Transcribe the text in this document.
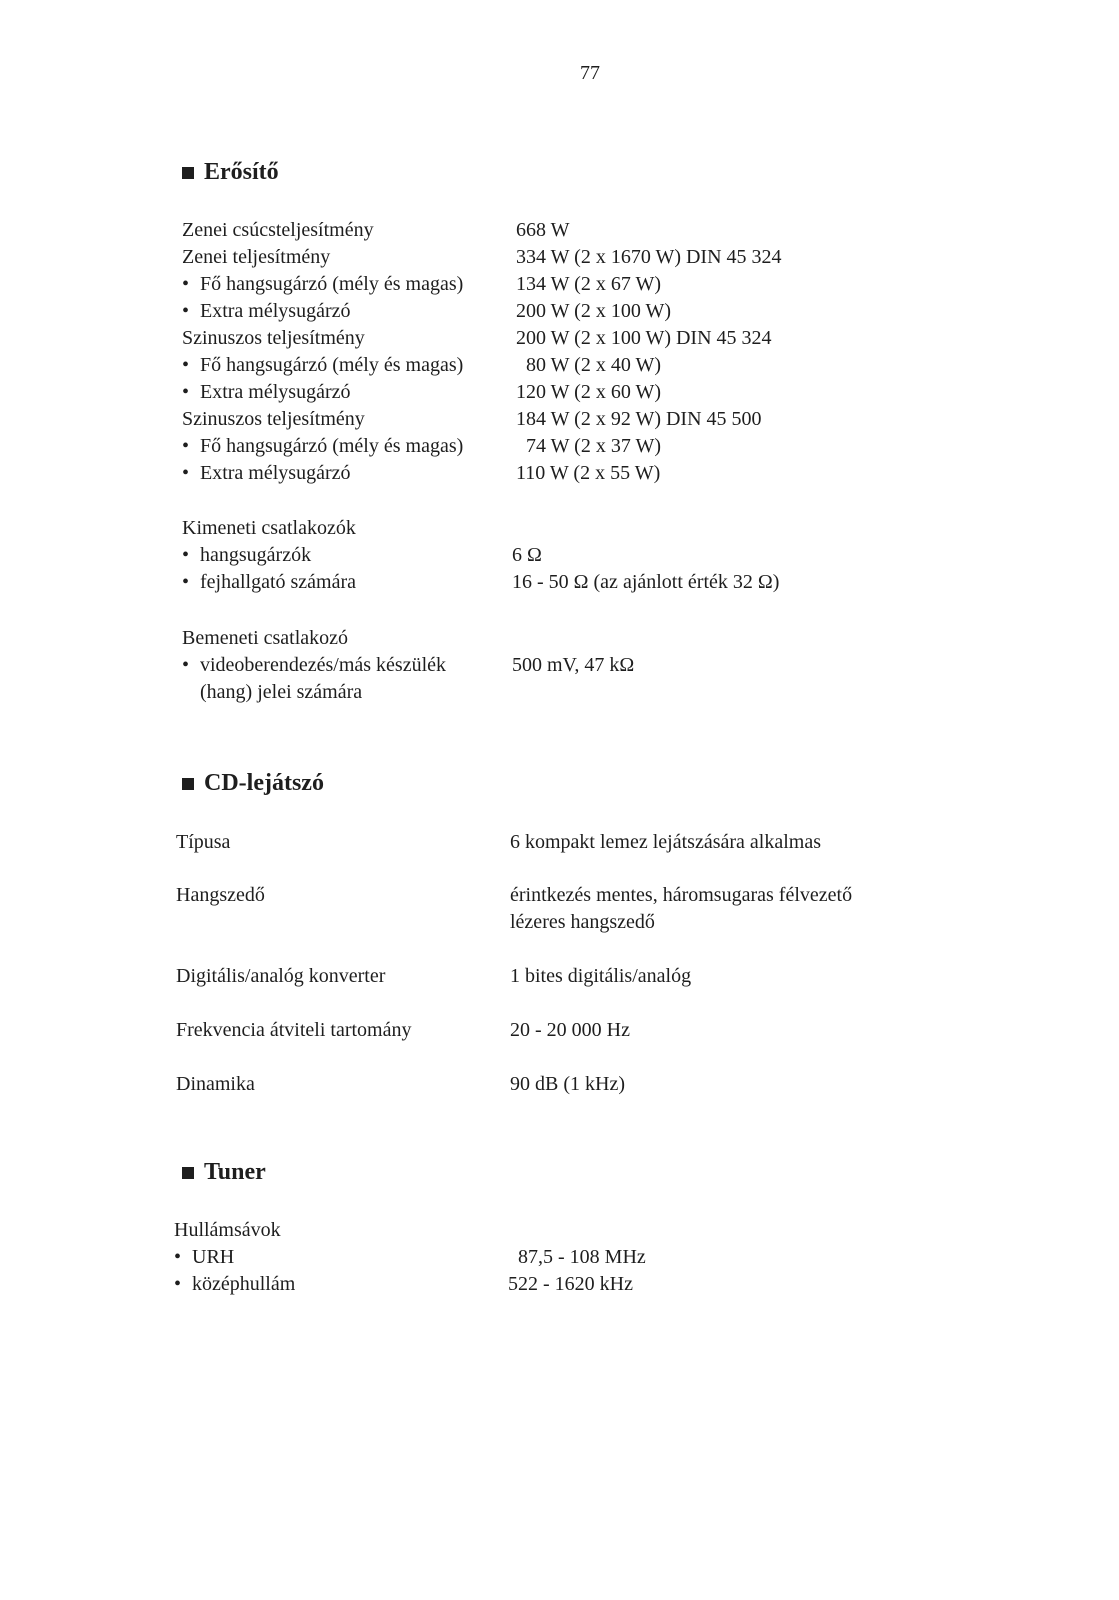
77
Erősítő
Zenei csúcsteljesítmény	668 W
Zenei teljesítmény	334 W (2 x 1670 W) DIN 45 324
• Fő hangsugárzó (mély és magas)	134 W (2 x 67 W)
• Extra mélysugárzó	200 W (2 x 100 W)
Szinuszos teljesítmény	200 W (2 x 100 W) DIN 45 324
• Fő hangsugárzó (mély és magas)	80 W (2 x 40 W)
• Extra mélysugárzó	120 W (2 x 60 W)
Szinuszos teljesítmény	184 W (2 x 92 W) DIN 45 500
• Fő hangsugárzó (mély és magas)	74 W (2 x 37 W)
• Extra mélysugárzó	110 W (2 x 55 W)
Kimeneti csatlakozók
• hangsugárzók	6 Ω
• fejhallgató számára	16 - 50 Ω (az ajánlott érték 32 Ω)
Bemeneti csatlakozó
• videoberendezés/más készülék	500 mV, 47 kΩ
(hang) jelei számára
CD-lejátszó
Típusa	6 kompakt lemez lejátszására alkalmas
Hangszedő	érintkezés mentes, háromsugaras félvezető
lézeres hangszedő
Digitális/analóg konverter	1 bites digitális/analóg
Frekvencia átviteli tartomány	20 - 20 000 Hz
Dinamika	90 dB (1 kHz)
Tuner
Hullámsávok
• URH	87,5 - 108 MHz
• középhullám	522 - 1620 kHz
